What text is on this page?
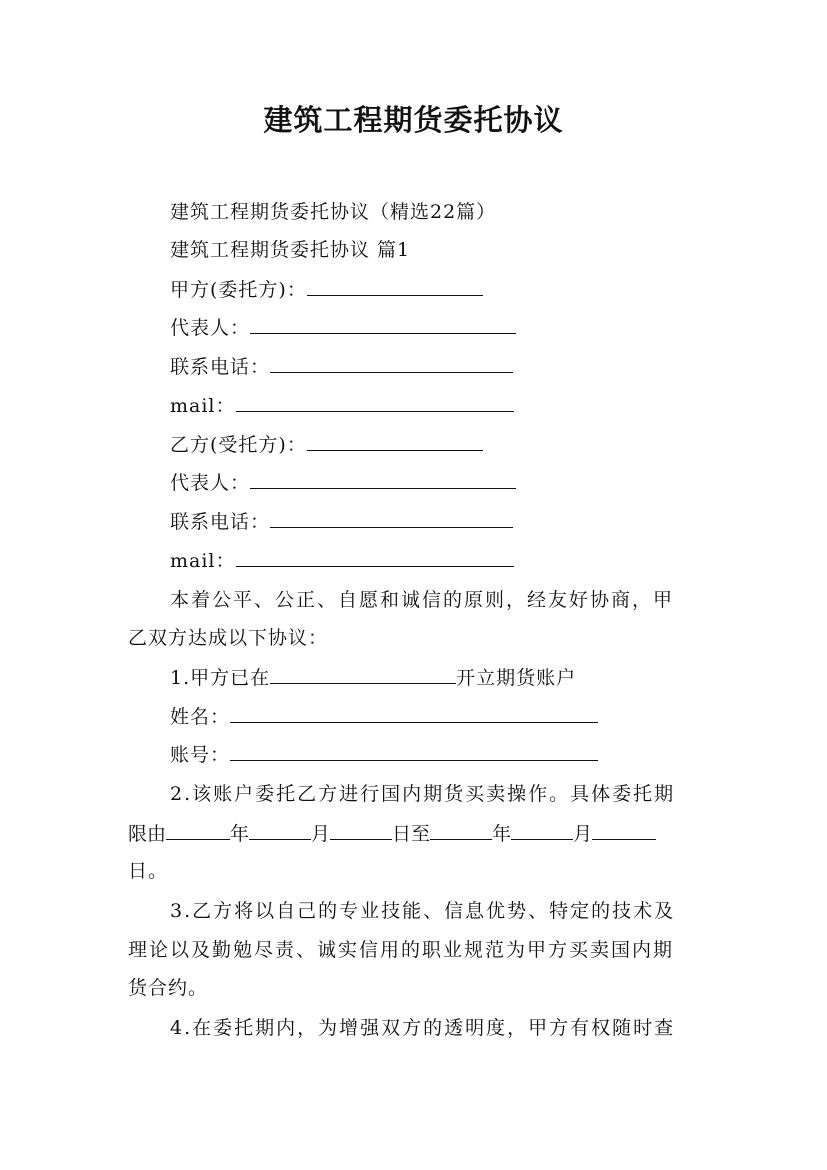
建筑工程期货委托协议
建筑工程期货委托协议（精选22篇）
建筑工程期货委托协议 篇1
甲方(委托方)：
代表人：
联系电话：
mail：
乙方(受托方)：
代表人：
联系电话：
mail：
本着公平、公正、自愿和诚信的原则，经友好协商，甲
乙双方达成以下协议：
1.甲方已在	开立期货账户
姓名：
账号：
2.该账户委托乙方进行国内期货买卖操作。具体委托期
限由	年	月	日至	年	月
日。
3.乙方将以自己的专业技能、信息优势、特定的技术及
理论以及勤勉尽责、诚实信用的职业规范为甲方买卖国内期
货合约。
4.在委托期内，为增强双方的透明度，甲方有权随时查
